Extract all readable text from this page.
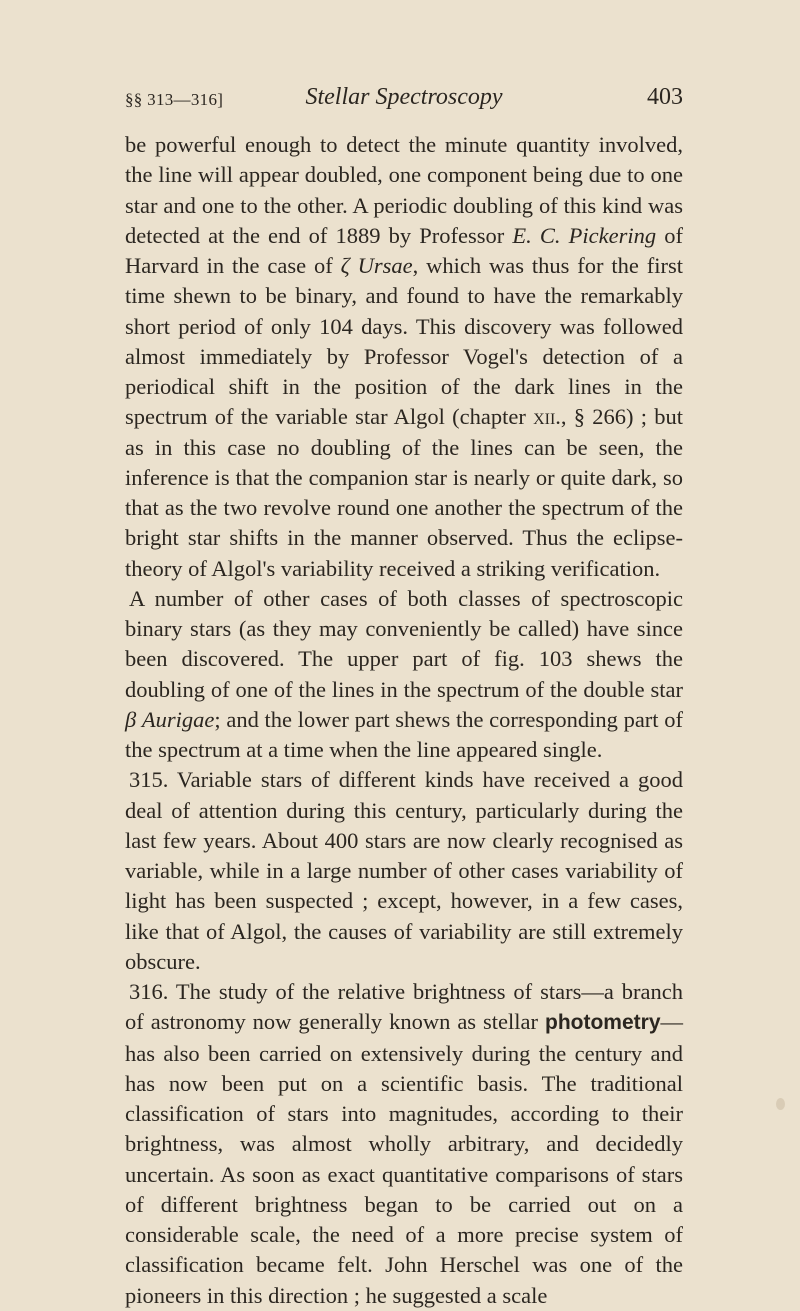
§§ 313—316]	Stellar Spectroscopy	403

be powerful enough to detect the minute quantity involved, the line will appear doubled, one component being due to one star and one to the other. A periodic doubling of this kind was detected at the end of 1889 by Professor E. C. Pickering of Harvard in the case of ζ Ursae, which was thus for the first time shewn to be binary, and found to have the remarkably short period of only 104 days. This discovery was followed almost immediately by Professor Vogel's detection of a periodical shift in the position of the dark lines in the spectrum of the variable star Algol (chapter xii., § 266) ; but as in this case no doubling of the lines can be seen, the inference is that the companion star is nearly or quite dark, so that as the two revolve round one another the spectrum of the bright star shifts in the manner observed. Thus the eclipse-theory of Algol's variability received a striking verification.

A number of other cases of both classes of spectroscopic binary stars (as they may conveniently be called) have since been discovered. The upper part of fig. 103 shews the doubling of one of the lines in the spectrum of the double star β Aurigae; and the lower part shews the corresponding part of the spectrum at a time when the line appeared single.

315. Variable stars of different kinds have received a good deal of attention during this century, particularly during the last few years. About 400 stars are now clearly recognised as variable, while in a large number of other cases variability of light has been suspected ; except, however, in a few cases, like that of Algol, the causes of variability are still extremely obscure.

316. The study of the relative brightness of stars—a branch of astronomy now generally known as stellar photometry—has also been carried on extensively during the century and has now been put on a scientific basis. The traditional classification of stars into magnitudes, according to their brightness, was almost wholly arbitrary, and decidedly uncertain. As soon as exact quantitative comparisons of stars of different brightness began to be carried out on a considerable scale, the need of a more precise system of classification became felt. John Herschel was one of the pioneers in this direction ; he suggested a scale
